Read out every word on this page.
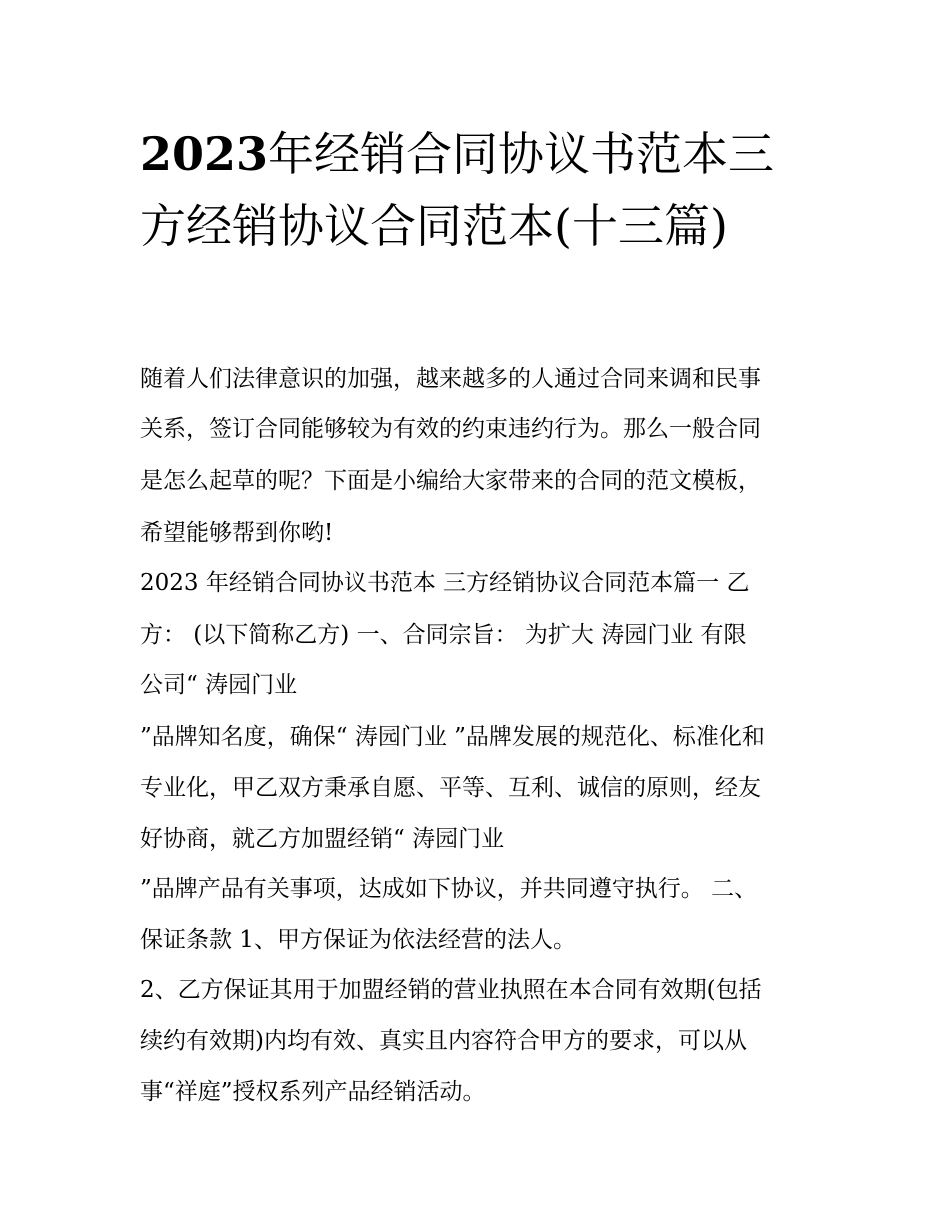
2023年经销合同协议书范本三方经销协议合同范本(十三篇)

随着人们法律意识的加强，越来越多的人通过合同来调和民事

关系，签订合同能够较为有效的约束违约行为。那么一般合同

是怎么起草的呢？下面是小编给大家带来的合同的范文模板，

希望能够帮到你哟!

2023 年经销合同协议书范本 三方经销协议合同范本篇一 乙

方： (以下简称乙方) 一、合同宗旨： 为扩大 涛园门业 有限

公司“ 涛园门业

”品牌知名度，确保“ 涛园门业 ”品牌发展的规范化、标准化和

专业化，甲乙双方秉承自愿、平等、互利、诚信的原则，经友

好协商，就乙方加盟经销“ 涛园门业

”品牌产品有关事项，达成如下协议，并共同遵守执行。 二、

保证条款 1、甲方保证为依法经营的法人。

2、乙方保证其用于加盟经销的营业执照在本合同有效期(包括

续约有效期)内均有效、真实且内容符合甲方的要求，可以从

事“祥庭”授权系列产品经销活动。
